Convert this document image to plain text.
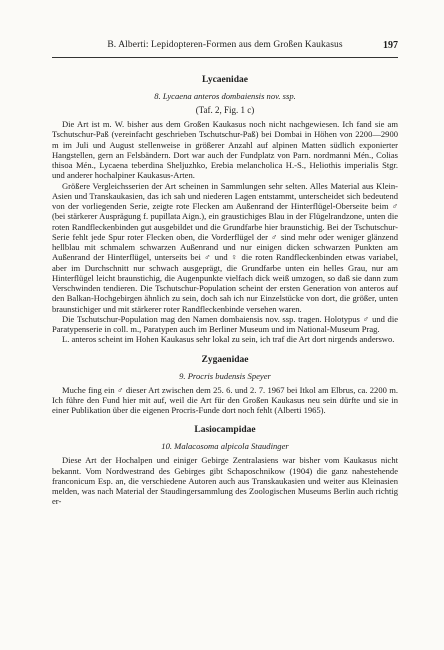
B. Alberti: Lepidopteren-Formen aus dem Großen Kaukasus	197
Lycaenidae
8. Lycaena anteros dombaiensis nov. ssp.
(Taf. 2, Fig. 1 c)

Die Art ist m. W. bisher aus dem Großen Kaukasus noch nicht nachgewiesen. Ich fand sie am Tschutschur-Paß (vereinfacht geschrieben Tschutschur-Paß) bei Dombai in Höhen von 2200—2900 m im Juli und August stellenweise in größerer Anzahl auf alpinen Matten südlich exponierter Hangstellen, gern an Felsbändern. Dort war auch der Fundplatz von Parn. nordmanni Mén., Colias thisoa Mén., Lycaena teberdina Sheljuzhko, Erebia melancholica H.-S., Heliothis imperialis Stgr. und anderer hochalpiner Kaukasus-Arten.

Größere Vergleichsserien der Art scheinen in Sammlungen sehr selten. Alles Material aus Klein-Asien und Transkaukasien, das ich sah und niederen Lagen entstammt, unterscheidet sich bedeutend von der vorliegenden Serie, zeigte rote Flecken am Außenrand der Hinterflügel-Oberseite beim ♂ (bei stärkerer Ausprägung f. pupillata Aign.), ein graustichiges Blau in der Flügelrandzone, unten die roten Randfleckenbinden gut ausgebildet und die Grundfarbe hier braunstichig. Bei der Tschutschur-Serie fehlt jede Spur roter Flecken oben, die Vorderflügel der ♂ sind mehr oder weniger glänzend hellblau mit schmalem schwarzen Außenrand und nur einigen dicken schwarzen Punkten am Außenrand der Hinterflügel, unterseits bei ♂ und ♀ die roten Randfleckenbinden etwas variabel, aber im Durchschnitt nur schwach ausgeprägt, die Grundfarbe unten ein helles Grau, nur am Hinterflügel leicht braunstichig, die Augenpunkte vielfach dick weiß umzogen, so daß sie dann zum Verschwinden tendieren. Die Tschutschur-Population scheint der ersten Generation von anteros auf den Balkan-Hochgebirgen ähnlich zu sein, doch sah ich nur Einzelstücke von dort, die größer, unten braunstichiger und mit stärkerer roter Randfleckenbinde versehen waren.

Die Tschutschur-Population mag den Namen dombaiensis nov. ssp. tragen. Holotypus ♂ und die Paratypenserie in coll. m., Paratypen auch im Berliner Museum und im National-Museum Prag.

L. anteros scheint im Hohen Kaukasus sehr lokal zu sein, ich traf die Art dort nirgends anderswo.

Zygaenidae
9. Procris budensis Speyer

Muche fing ein ♂ dieser Art zwischen dem 25. 6. und 2. 7. 1967 bei Itkol am Elbrus, ca. 2200 m. Ich führe den Fund hier mit auf, weil die Art für den Großen Kaukasus neu sein dürfte und sie in einer Publikation über die eigenen Procris-Funde dort noch fehlt (Alberti 1965).

Lasiocampidae
10. Malacosoma alpicola Staudinger

Diese Art der Hochalpen und einiger Gebirge Zentralasiens war bisher vom Kaukasus nicht bekannt. Vom Nordwestrand des Gebirges gibt Schaposchnikow (1904) die ganz nahestehende franconicum Esp. an, die verschiedene Autoren auch aus Transkaukasien und weiter aus Kleinasien melden, was nach Material der Staudingersammlung des Zoologischen Museums Berlin auch richtig er-
